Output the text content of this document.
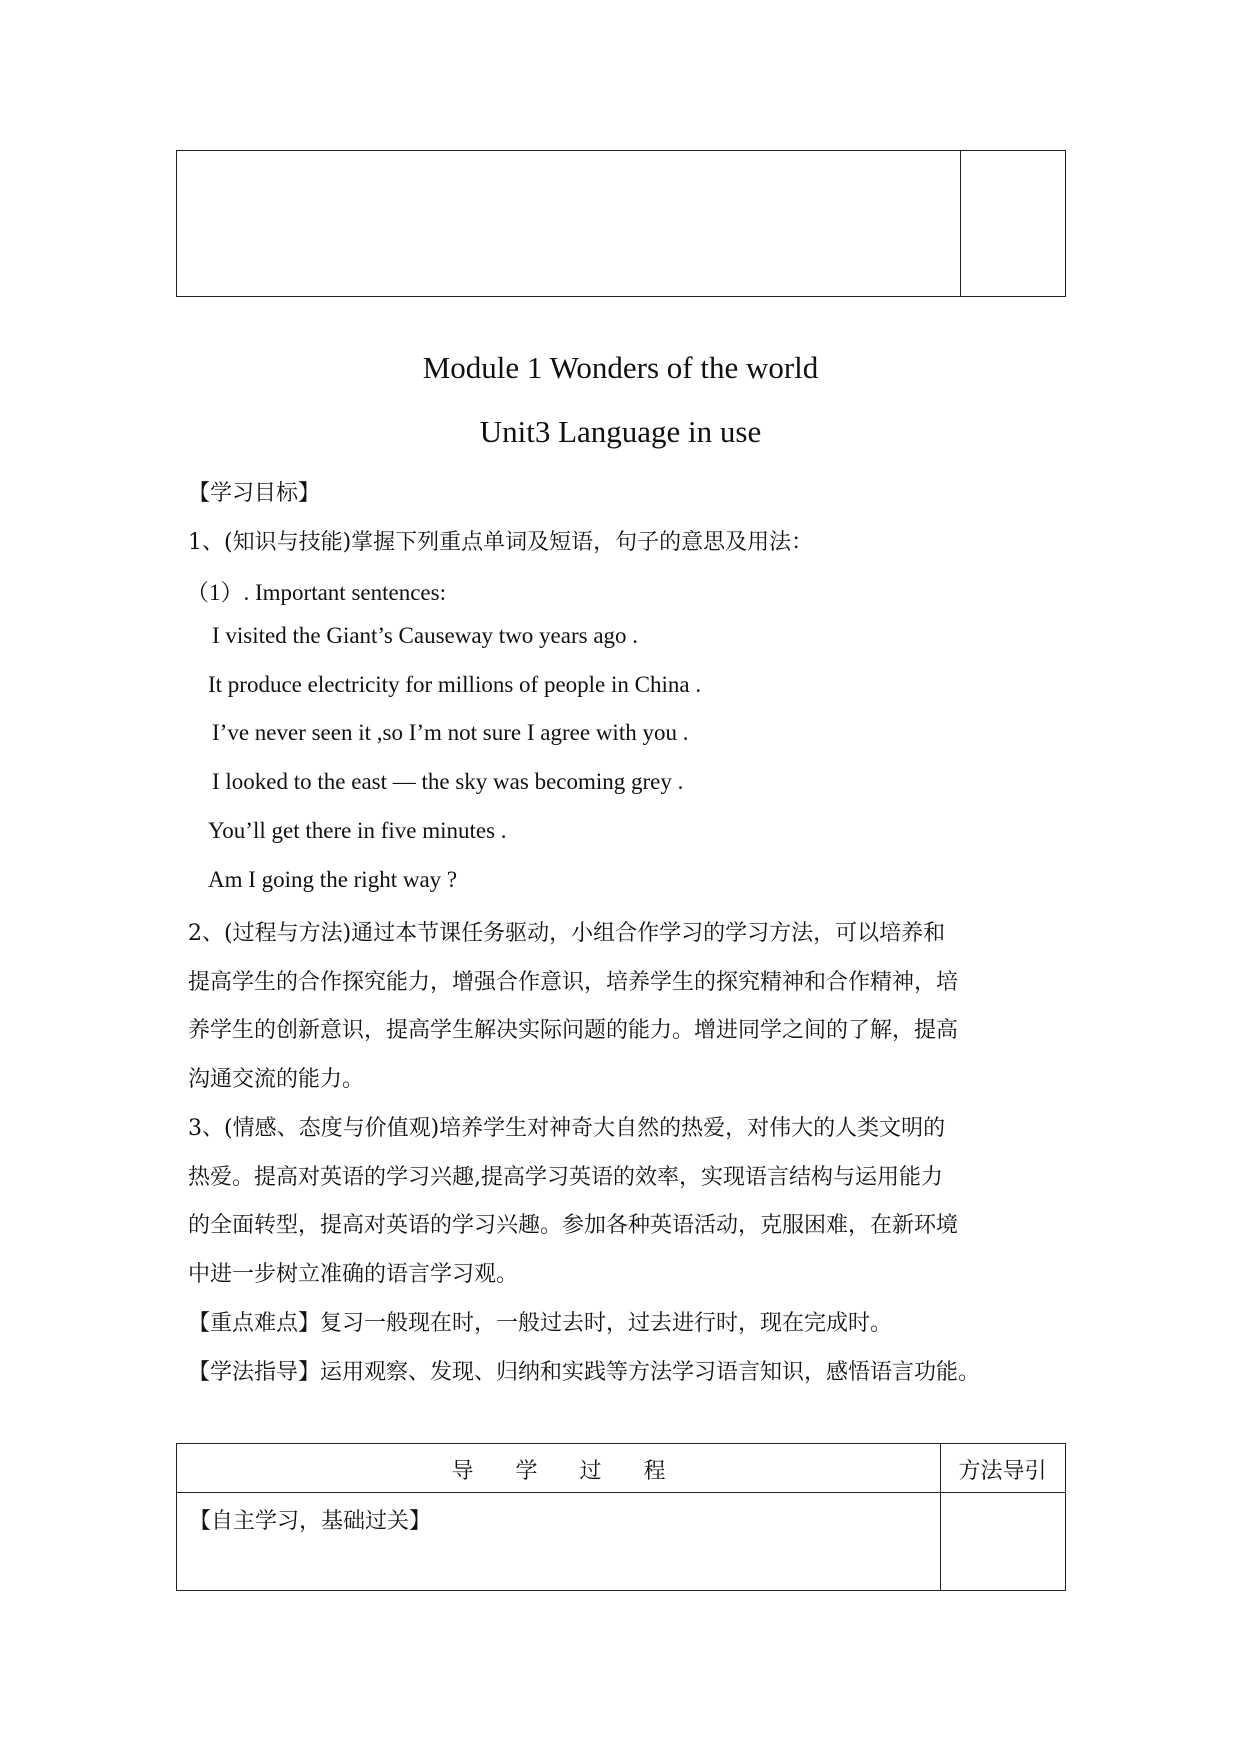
Module 1 Wonders of the world
Unit3 Language in use
【学习目标】
1、(知识与技能)掌握下列重点单词及短语，句子的意思及用法：
（1）. Important sentences:
I visited the Giant’s Causeway two years ago .
It produce electricity for millions of people in China .
I’ve never seen it ,so I’m not sure I agree with you .
I looked to the east — the sky was becoming grey .
You’ll get there in five minutes .
Am I going the right way ?
2、(过程与方法)通过本节课任务驱动，小组合作学习的学习方法，可以培养和
提高学生的合作探究能力，增强合作意识，培养学生的探究精神和合作精神，培
养学生的创新意识，提高学生解决实际问题的能力。增进同学之间的了解，提高
沟通交流的能力。
3、(情感、态度与价值观)培养学生对神奇大自然的热爱，对伟大的人类文明的
热爱。提高对英语的学习兴趣,提高学习英语的效率，实现语言结构与运用能力
的全面转型，提高对英语的学习兴趣。参加各种英语活动，克服困难，在新环境
中进一步树立准确的语言学习观。
【重点难点】复习一般现在时，一般过去时，过去进行时，现在完成时。
【学法指导】运用观察、发现、归纳和实践等方法学习语言知识，感悟语言功能。
导学过程	方法导引
【自主学习，基础过关】
